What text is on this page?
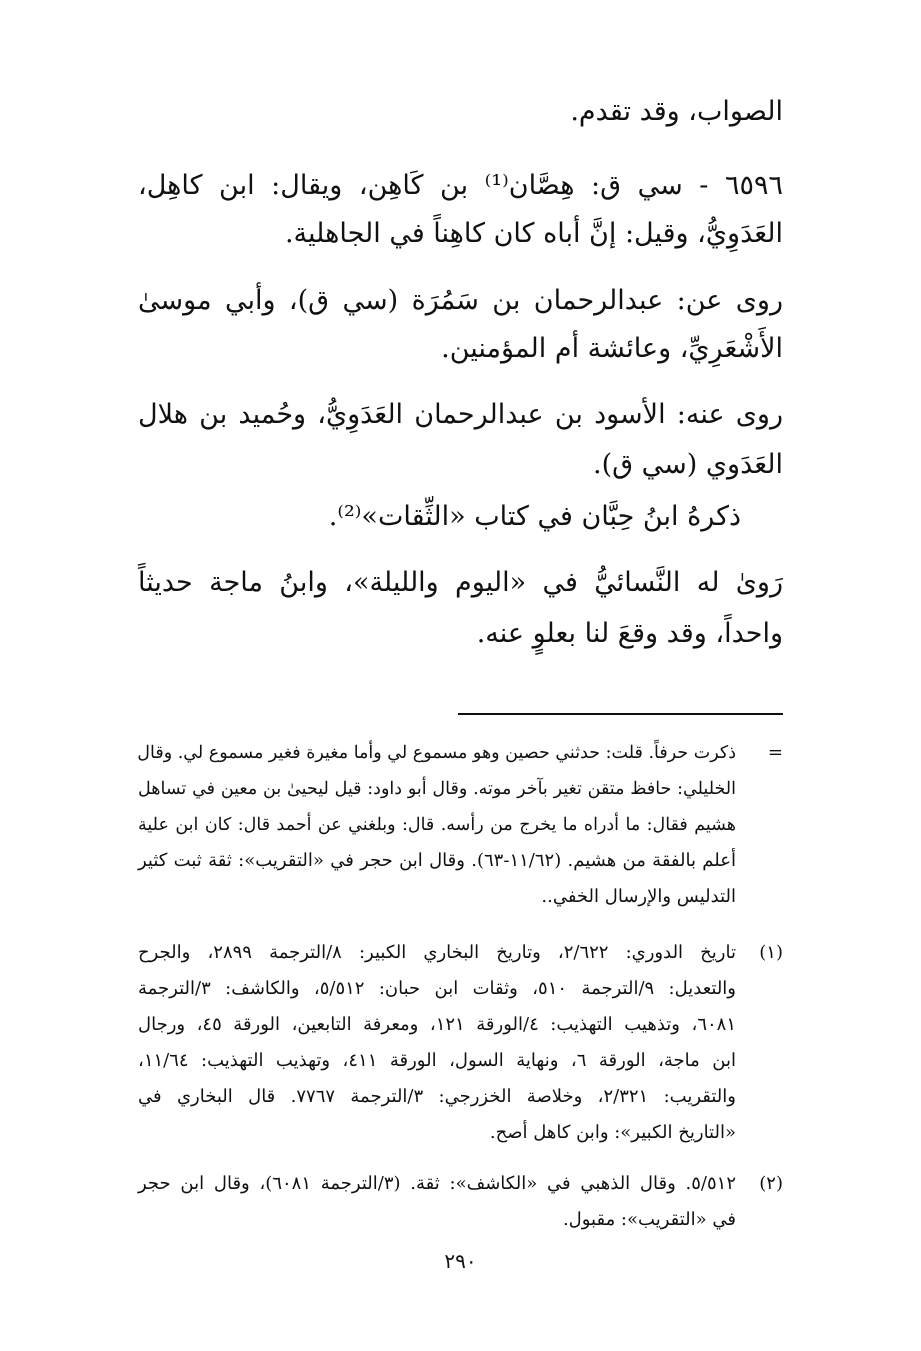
الصواب، وقد تقدم.
٦٥٩٦ - سي ق: هِصَّان⁽¹⁾ بن كَاهِن، ويقال: ابن كاهِل،
العَدَوِيُّ، وقيل: إنَّ أباه كان كاهِناً في الجاهلية.
روى عن: عبدالرحمان بن سَمُرَة (سي ق)، وأبي موسىٰ
الأَشْعَرِيِّ، وعائشة أم المؤمنين.
روى عنه: الأسود بن عبدالرحمان العَدَوِيُّ، وحُميد بن هلال
العَدَوي (سي ق).
ذكرهُ ابنُ حِبَّان في كتاب «الثِّقات»⁽²⁾.
رَوىٰ له النَّسائيُّ في «اليوم والليلة»، وابنُ ماجة حديثاً
واحداً، وقد وقعَ لنا بعلوٍ عنه.
=
ذكرت حرفاً. قلت: حدثني حصين وهو مسموع لي وأما مغيرة فغير مسموع لي. وقال
الخليلي: حافظ متقن تغير بآخر موته. وقال أبو داود: قيل ليحيىٰ بن معين في تساهل
هشيم فقال: ما أدراه ما يخرج من رأسه. قال: وبلغني عن أحمد قال: كان ابن علية
أعلم بالفقة من هشيم. (١١/٦٢-٦٣). وقال ابن حجر في «التقريب»: ثقة ثبت كثير
التدليس والإرسال الخفي..
(١)
تاريخ الدوري: ٢/٦٢٢، وتاريخ البخاري الكبير: ٨/الترجمة ٢٨٩٩، والجرح
والتعديل: ٩/الترجمة ٥١٠، وثقات ابن حبان: ٥/٥١٢، والكاشف: ٣/الترجمة
٦٠٨١، وتذهيب التهذيب: ٤/الورقة ١٢١، ومعرفة التابعين، الورقة ٤٥، ورجال
ابن ماجة، الورقة ٦، ونهاية السول، الورقة ٤١١، وتهذيب التهذيب: ١١/٦٤،
والتقريب: ٢/٣٢١، وخلاصة الخزرجي: ٣/الترجمة ٧٧٦٧. قال البخاري في
«التاريخ الكبير»: وابن كاهل أصح.
(٢)
٥/٥١٢. وقال الذهبي في «الكاشف»: ثقة. (٣/الترجمة ٦٠٨١)، وقال ابن حجر
في «التقريب»: مقبول.
٢٩٠
